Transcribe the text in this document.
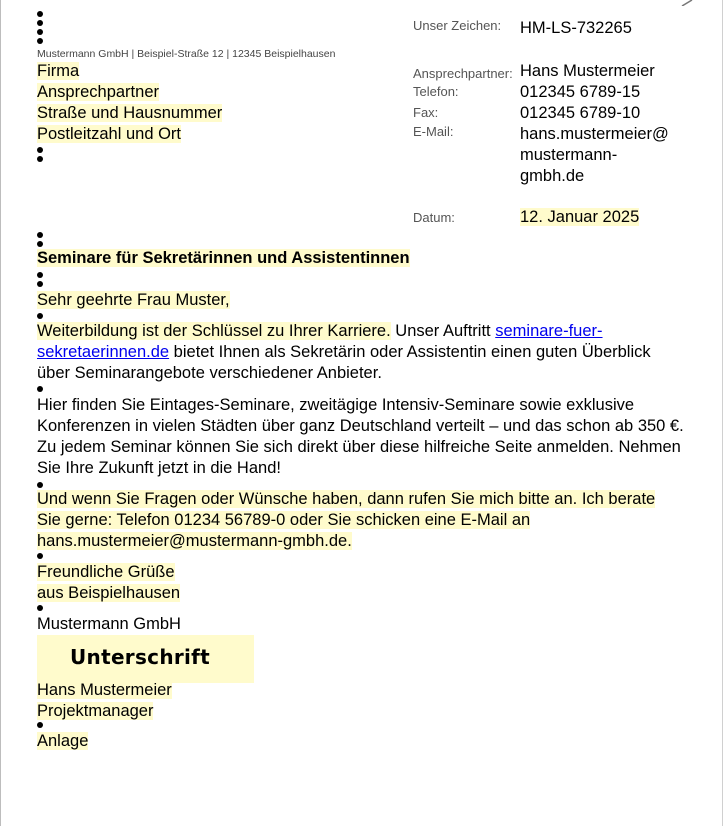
Mustermann GmbH | Beispiel-Straße 12 | 12345 Beispielhausen
Firma
Ansprechpartner
Straße und Hausnummer
Postleitzahl und Ort
Unser Zeichen: HM-LS-732265
Ansprechpartner: Hans Mustermeier
Telefon:	012345 6789-15
Fax:	012345 6789-10
E-Mail:	hans.mustermeier@
mustermann-
gmbh.de
Datum:	12. Januar 2025
Seminare für Sekretärinnen und Assistentinnen
Sehr geehrte Frau Muster,
Weiterbildung ist der Schlüssel zu Ihrer Karriere. Unser Auftritt seminare-fuer-sekretaerinnen.de bietet Ihnen als Sekretärin oder Assistentin einen guten Überblick über Seminarangebote verschiedener Anbieter.
Hier finden Sie Eintages-Seminare, zweitägige Intensiv-Seminare sowie exklusive Konferenzen in vielen Städten über ganz Deutschland verteilt – und das schon ab 350 €. Zu jedem Seminar können Sie sich direkt über diese hilfreiche Seite anmelden. Nehmen Sie Ihre Zukunft jetzt in die Hand!
Und wenn Sie Fragen oder Wünsche haben, dann rufen Sie mich bitte an. Ich berate Sie gerne: Telefon 01234 56789-0 oder Sie schicken eine E-Mail an hans.mustermeier@mustermann-gmbh.de.
Freundliche Grüße
aus Beispielhausen
Mustermann GmbH
Unterschrift
Hans Mustermeier
Projektmanager
Anlage
